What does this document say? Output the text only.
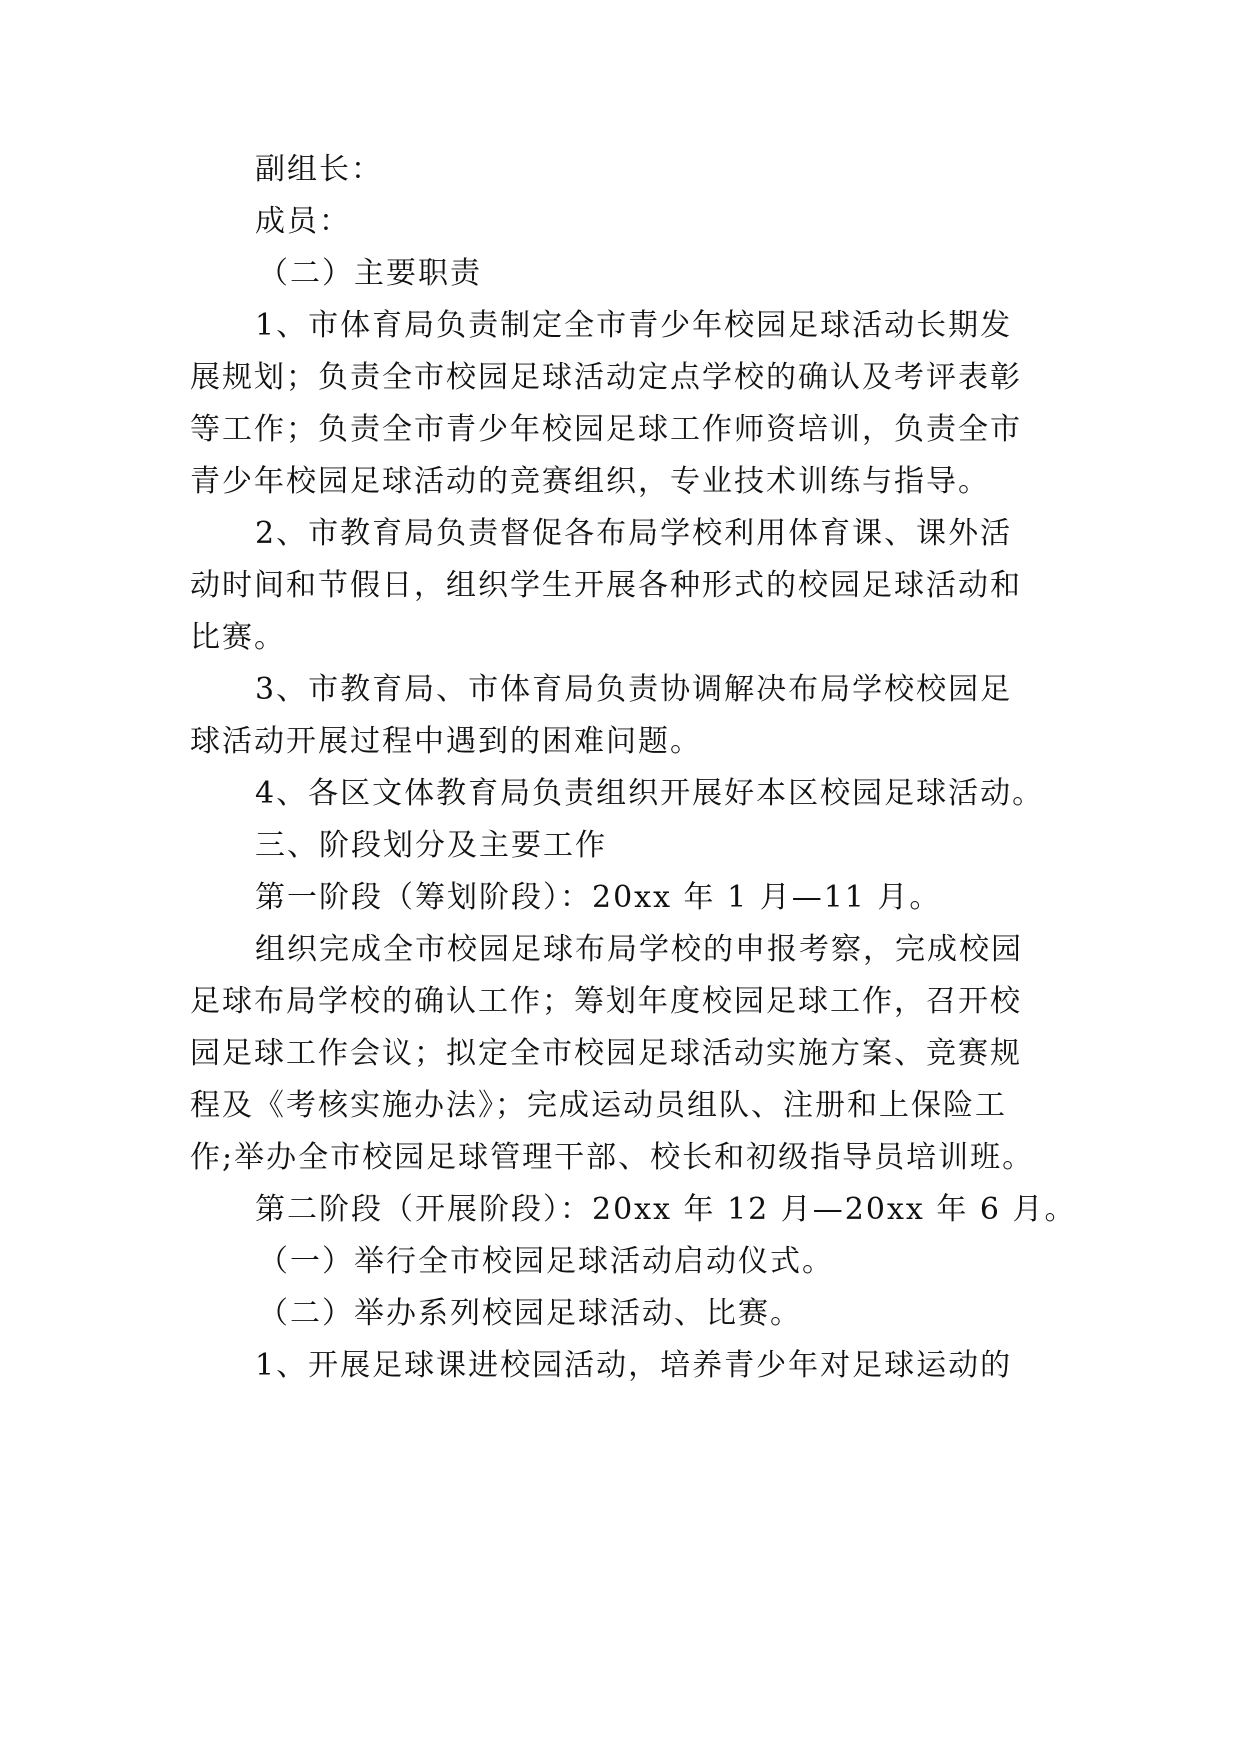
副组长：
成员：
（二）主要职责
1、市体育局负责制定全市青少年校园足球活动长期发
展规划；负责全市校园足球活动定点学校的确认及考评表彰
等工作；负责全市青少年校园足球工作师资培训，负责全市
青少年校园足球活动的竞赛组织，专业技术训练与指导。
2、市教育局负责督促各布局学校利用体育课、课外活
动时间和节假日，组织学生开展各种形式的校园足球活动和
比赛。
3、市教育局、市体育局负责协调解决布局学校校园足
球活动开展过程中遇到的困难问题。
4、各区文体教育局负责组织开展好本区校园足球活动。
三、阶段划分及主要工作
第一阶段（筹划阶段）：20xx 年 1 月—11 月。
组织完成全市校园足球布局学校的申报考察，完成校园
足球布局学校的确认工作；筹划年度校园足球工作，召开校
园足球工作会议；拟定全市校园足球活动实施方案、竞赛规
程及《考核实施办法》；完成运动员组队、注册和上保险工
作;举办全市校园足球管理干部、校长和初级指导员培训班。
第二阶段（开展阶段）：20xx 年 12 月—20xx 年 6 月。
（一）举行全市校园足球活动启动仪式。
（二）举办系列校园足球活动、比赛。
1、开展足球课进校园活动，培养青少年对足球运动的
